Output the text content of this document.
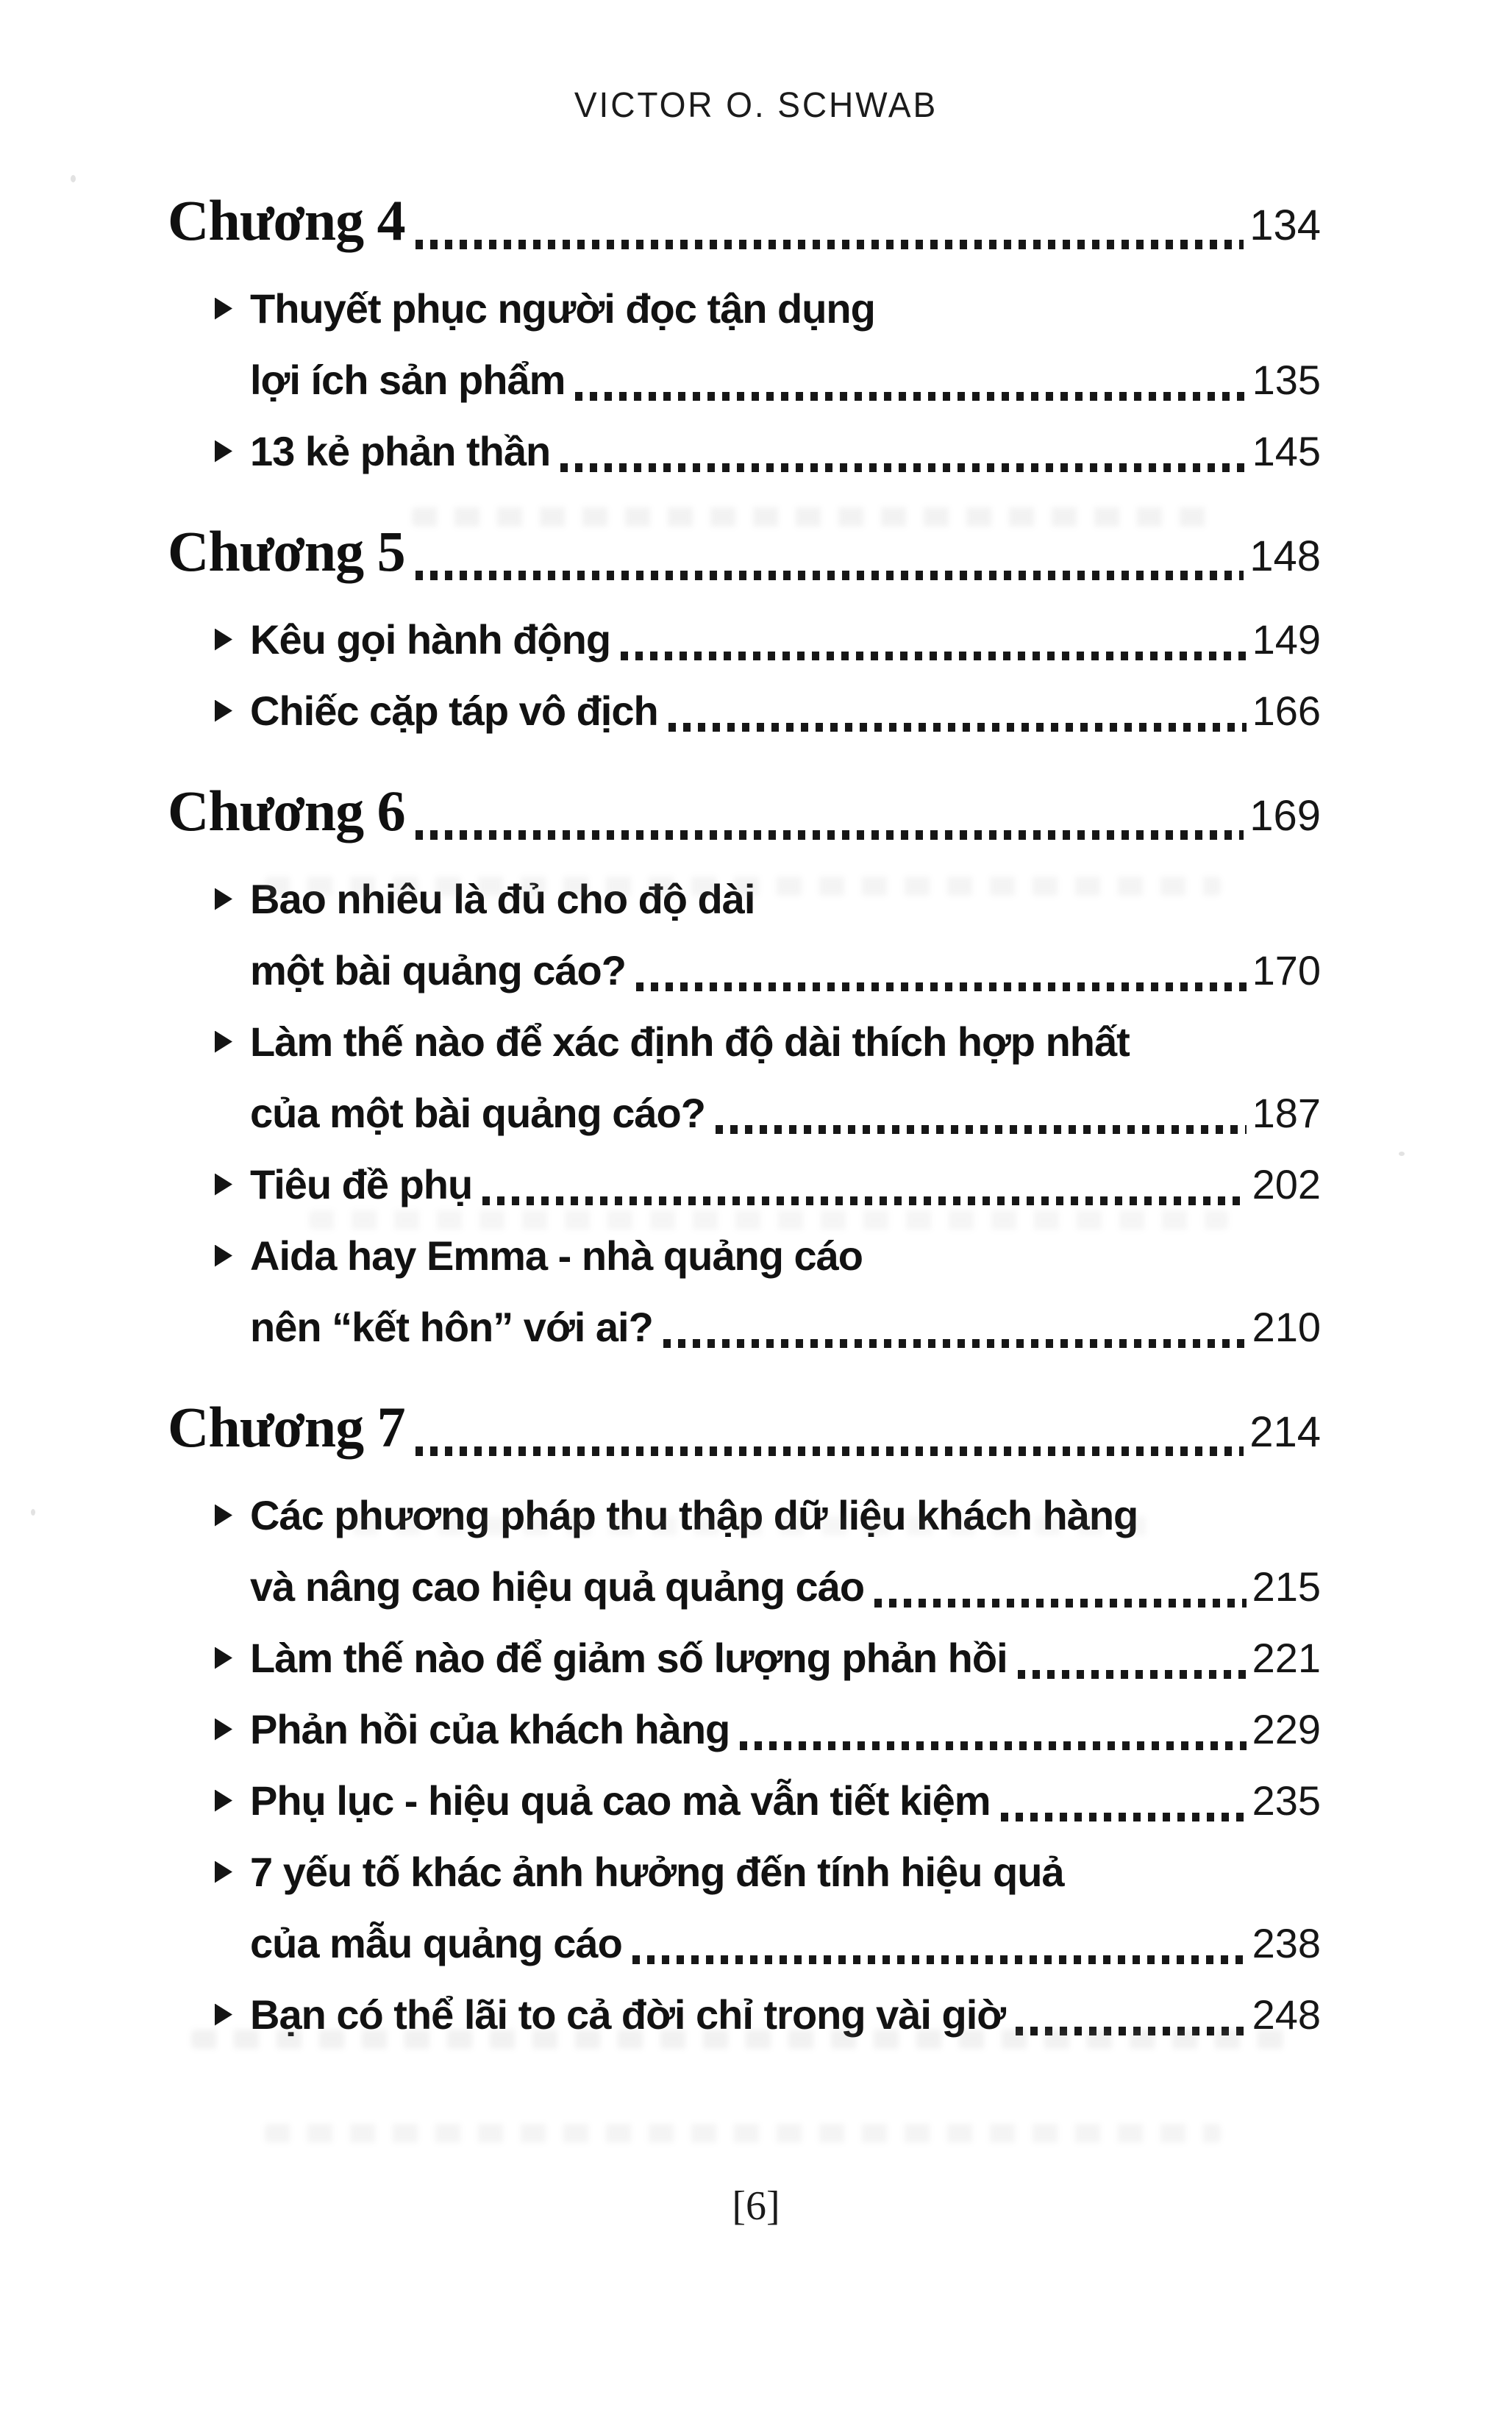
VICTOR O. SCHWAB
Chương 4	134
Thuyết phục người đọc tận dụng
lợi ích sản phẩm	135
13 kẻ phản thần	145
Chương 5	148
Kêu gọi hành động	149
Chiếc cặp táp vô địch	166
Chương 6	169
Bao nhiêu là đủ cho độ dài
một bài quảng cáo?	170
Làm thế nào để xác định độ dài thích hợp nhất
của một bài quảng cáo?	187
Tiêu đề phụ	202
Aida hay Emma - nhà quảng cáo
nên “kết hôn” với ai?	210
Chương 7	214
Các phương pháp thu thập dữ liệu khách hàng
và nâng cao hiệu quả quảng cáo	215
Làm thế nào để giảm số lượng phản hồi	221
Phản hồi của khách hàng	229
Phụ lục - hiệu quả cao mà vẫn tiết kiệm	235
7 yếu tố khác ảnh hưởng đến tính hiệu quả
của mẫu quảng cáo	238
Bạn có thể lãi to cả đời chỉ trong vài giờ	248
[6]
